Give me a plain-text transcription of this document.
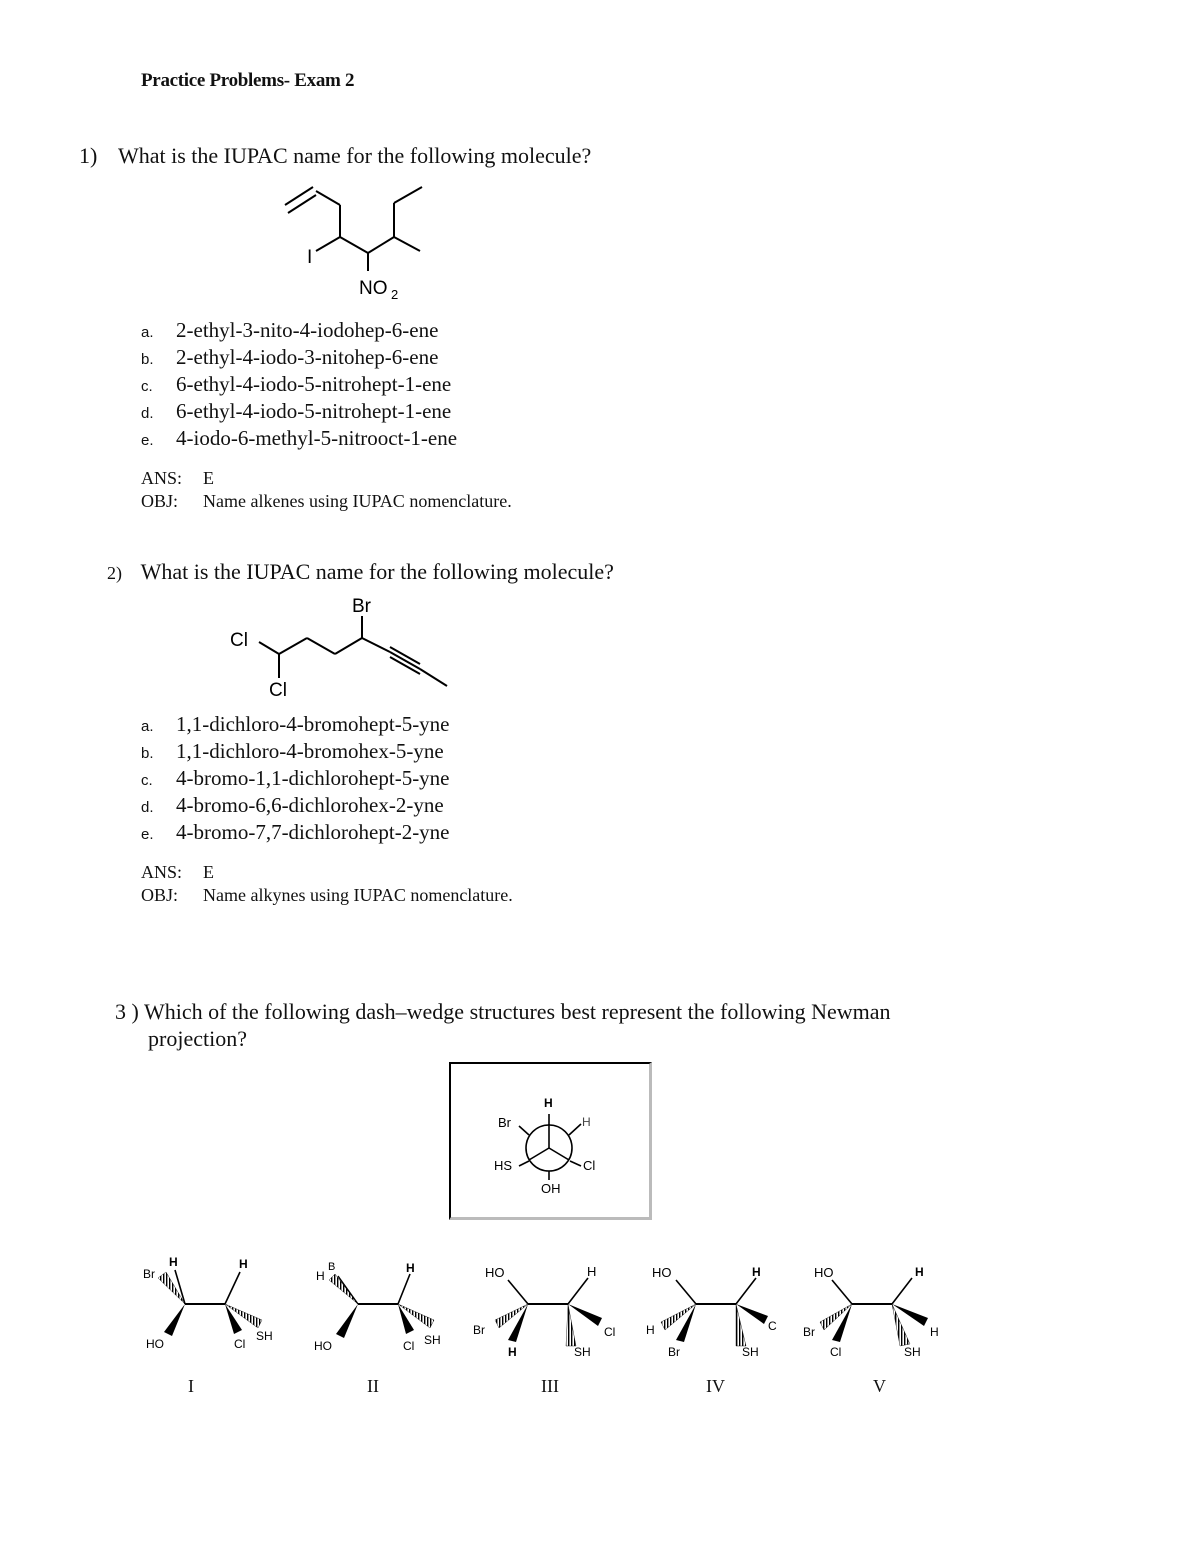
Practice Problems- Exam 2
1) What is the IUPAC name for the following molecule?
I
NO 2
a. 2-ethyl-3-nito-4-iodohep-6-ene
b. 2-ethyl-4-iodo-3-nitohep-6-ene
c. 6-ethyl-4-iodo-5-nitrohept-1-ene
d. 6-ethyl-4-iodo-5-nitrohept-1-ene
e. 4-iodo-6-methyl-5-nitrooct-1-ene
ANS: E
OBJ: Name alkenes using IUPAC nomenclature.
2) What is the IUPAC name for the following molecule?
Br
Cl
Cl
a. 1,1-dichloro-4-bromohept-5-yne
b. 1,1-dichloro-4-bromohex-5-yne
c. 4-bromo-1,1-dichlorohept-5-yne
d. 4-bromo-6,6-dichlorohex-2-yne
e. 4-bromo-7,7-dichlorohept-2-yne
ANS: E
OBJ: Name alkynes using IUPAC nomenclature.
3 ) Which of the following dash–wedge structures best represent the following Newman
projection?
H
Br	H
HS	Cl
OH
Br
H
HO
H
Cl
SH
H
B
HO
H
Cl SH
HO
Br
H
H
SH
Cl
HO
H
Br
H
SH
C
HO
Br
Cl
H
SH
H
I	II	III	IV	V
